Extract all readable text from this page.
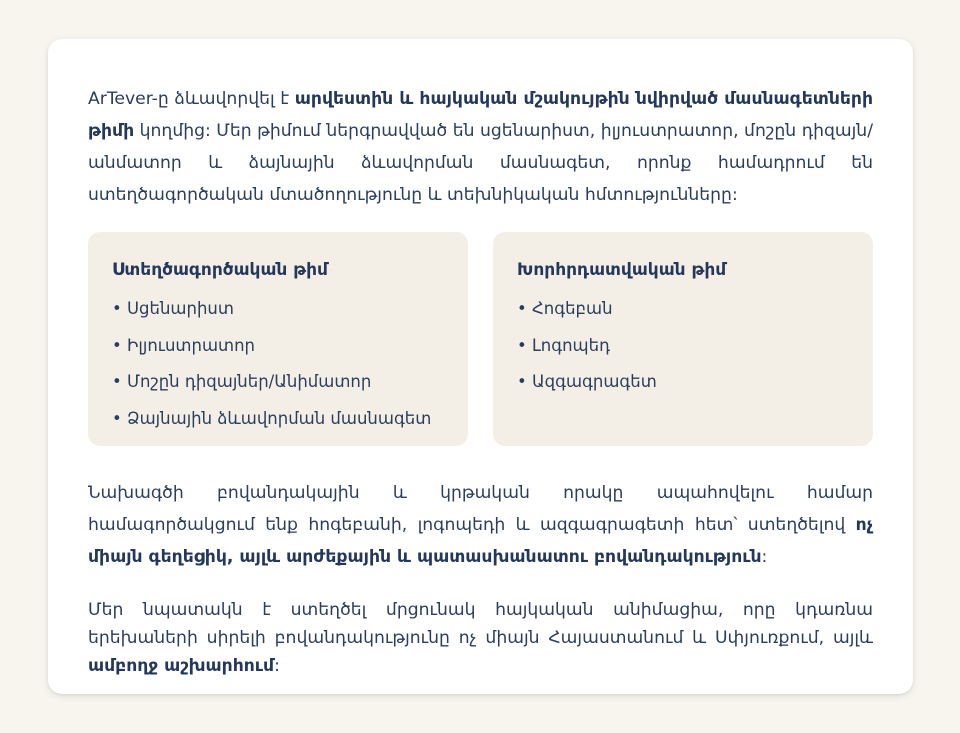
ArTever-ը ձևավորվել է արվեստին և հայկական մշակույթին նվիրված մասնագետների թիմի կողմից: Մեր թիմում ներգրավված են սցենարիստ, իլյուստրատոր, մոշըն դիզայն/անմատոր և ձայնային ձևավորման մասնագետ, որոնք համադրում են ստեղծագործական մտածողությունը և տեխնիկական հմտությունները:

Ստեղծագործական թիմ
• Սցենարիստ
• Իլյուստրատոր
• Մոշըն դիզայներ/Անիմատոր
• Ձայնային ձևավորման մասնագետ
Խորհրդատվական թիմ
• Հոգեբան
• Լոգոպեդ
• Ազգագրագետ

Նախագծի բովանդակային և կրթական որակը ապահովելու համար համագործակցում ենք հոգեբանի, լոգոպեդի և ազգագրագետի հետ՝ ստեղծելով ոչ միայն գեղեցիկ, այլև արժեքային և պատասխանատու բովանդակություն:

Մեր նպատակն է ստեղծել մրցունակ հայկական անիմացիա, որը կդառնա երեխաների սիրելի բովանդակությունը ոչ միայն Հայաստանում և Սփյուռքում, այլև ամբողջ աշխարհում:
